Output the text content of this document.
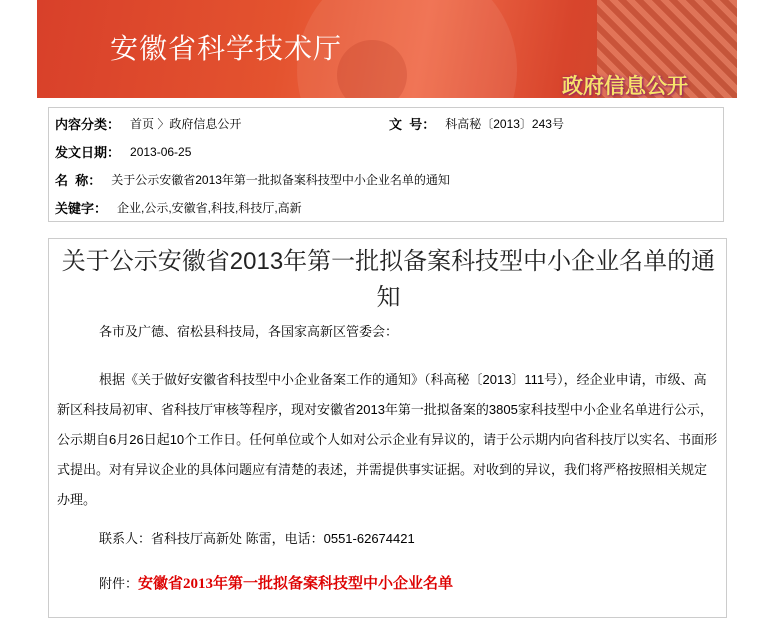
安徽省科学技术厅
政府信息公开
内容分类： 首页 〉政府信息公开	文  号： 科高秘〔2013〕243号
发文日期： 2013-06-25
名  称： 关于公示安徽省2013年第一批拟备案科技型中小企业名单的通知
关键字： 企业,公示,安徽省,科技,科技厅,高新
关于公示安徽省2013年第一批拟备案科技型中小企业名单的通知
各市及广德、宿松县科技局，各国家高新区管委会：
根据《关于做好安徽省科技型中小企业备案工作的通知》（科高秘〔2013〕111号），经企业申请，市级、高新区科技局初审、省科技厅审核等程序，现对安徽省2013年第一批拟备案的3805家科技型中小企业名单进行公示，公示期自6月26日起10个工作日。任何单位或个人如对公示企业有异议的，请于公示期内向省科技厅以实名、书面形式提出。对有异议企业的具体问题应有清楚的表述，并需提供事实证据。对收到的异议，我们将严格按照相关规定办理。
联系人：省科技厅高新处 陈雷，电话：0551-62674421
附件：安徽省2013年第一批拟备案科技型中小企业名单
